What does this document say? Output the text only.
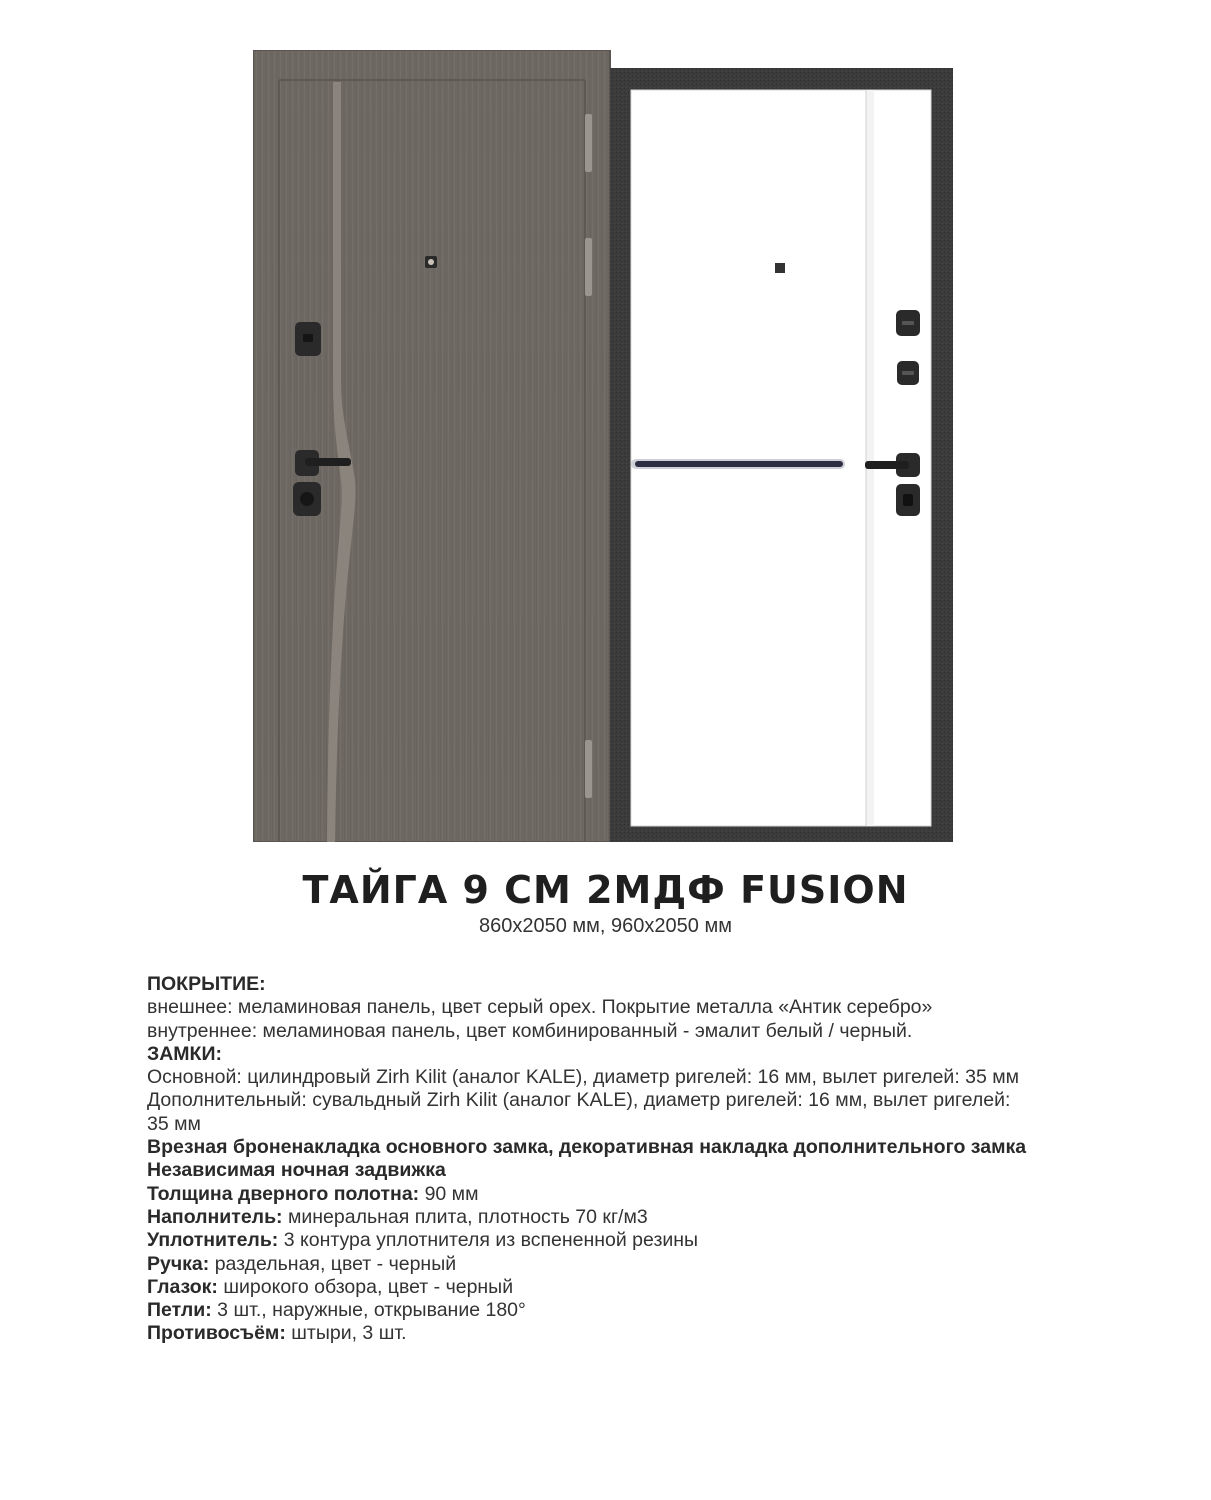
ТАЙГА 9 СМ 2МДФ FUSION
860х2050 мм, 960х2050 мм

ПОКРЫТИЕ:

внешнее: меламиновая панель, цвет серый орех. Покрытие металла «Антик серебро»

внутреннее: меламиновая панель, цвет комбинированный - эмалит белый / черный.

ЗАМКИ:

Основной: цилиндровый Zirh Kilit (аналог KALE), диаметр ригелей: 16 мм, вылет ригелей: 35 мм

Дополнительный: сувальдный Zirh Kilit (аналог KALE), диаметр ригелей: 16 мм, вылет ригелей: 35 мм

Врезная броненакладка основного замка, декоративная накладка дополнительного замка

Независимая ночная задвижка

Толщина дверного полотна: 90 мм

Наполнитель: минеральная плита, плотность 70 кг/м3

Уплотнитель: 3 контура уплотнителя из вспененной резины

Ручка: раздельная, цвет - черный

Глазок: широкого обзора, цвет - черный

Петли: 3 шт., наружные, открывание 180°

Противосъём: штыри, 3 шт.
